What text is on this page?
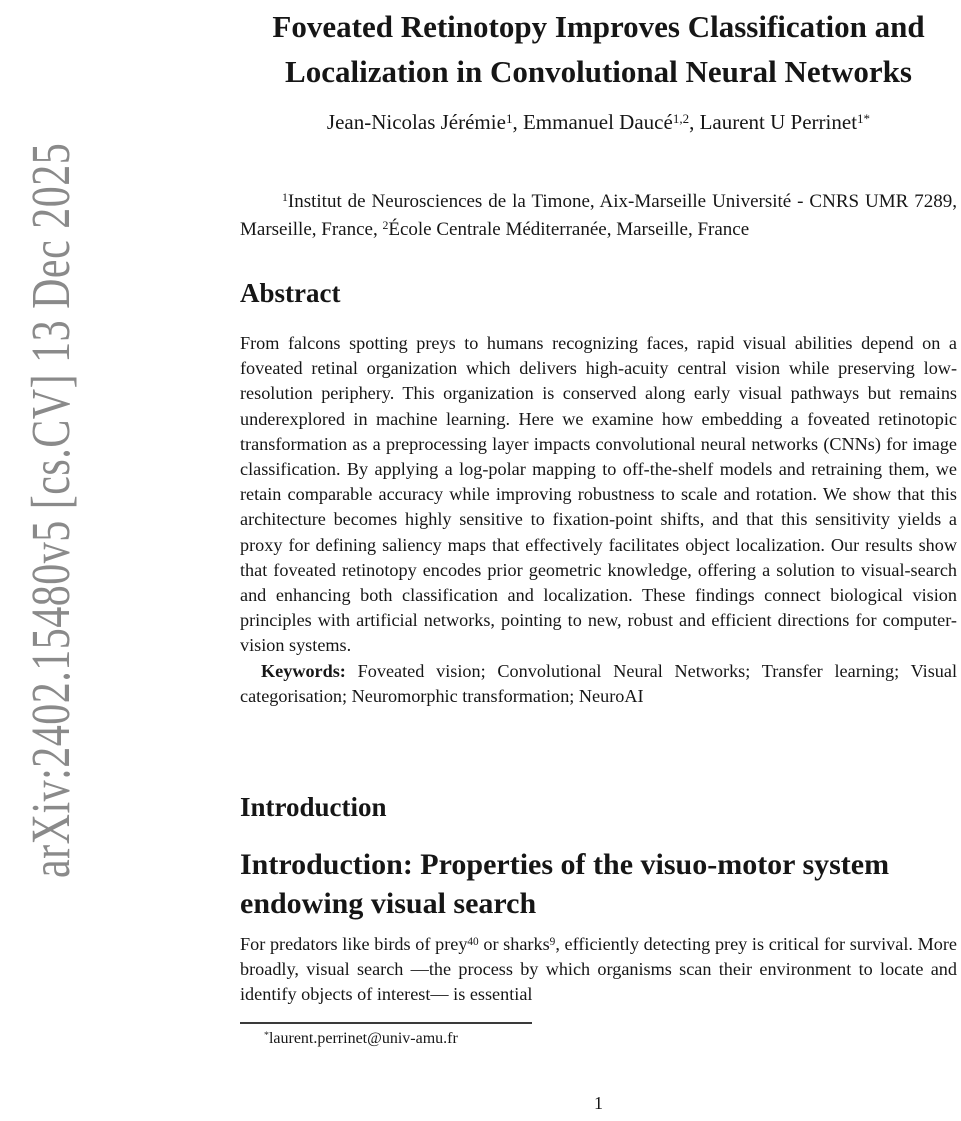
arXiv:2402.15480v5 [cs.CV] 13 Dec 2025
Foveated Retinotopy Improves Classification and Localization in Convolutional Neural Networks
Jean-Nicolas Jérémie$^1$, Emmanuel Daucé$^{1,2}$, Laurent U Perrinet$^{1*}$
$^1$Institut de Neurosciences de la Timone, Aix-Marseille Université - CNRS UMR 7289, Marseille, France, $^2$École Centrale Méditerranée, Marseille, France
Abstract

From falcons spotting preys to humans recognizing faces, rapid visual abilities depend on a foveated retinal organization which delivers high-acuity central vision while preserving low-resolution periphery. This organization is conserved along early visual pathways but remains underexplored in machine learning. Here we examine how embedding a foveated retinotopic transformation as a preprocessing layer impacts convolutional neural networks (CNNs) for image classification. By applying a log-polar mapping to off-the-shelf models and retraining them, we retain comparable accuracy while improving robustness to scale and rotation. We show that this architecture becomes highly sensitive to fixation-point shifts, and that this sensitivity yields a proxy for defining saliency maps that effectively facilitates object localization. Our results show that foveated retinotopy encodes prior geometric knowledge, offering a solution to visual-search and enhancing both classification and localization. These findings connect biological vision principles with artificial networks, pointing to new, robust and efficient directions for computer-vision systems.

Keywords: Foveated vision; Convolutional Neural Networks; Transfer learning; Visual categorisation; Neuromorphic transformation; NeuroAI

Introduction
Introduction: Properties of the visuo-motor system endowing visual search

For predators like birds of prey$^{40}$ or sharks$^9$, efficiently detecting prey is critical for survival. More broadly, visual search —the process by which organisms scan their environment to locate and identify objects of interest— is essential

*laurent.perrinet@univ-amu.fr

1
